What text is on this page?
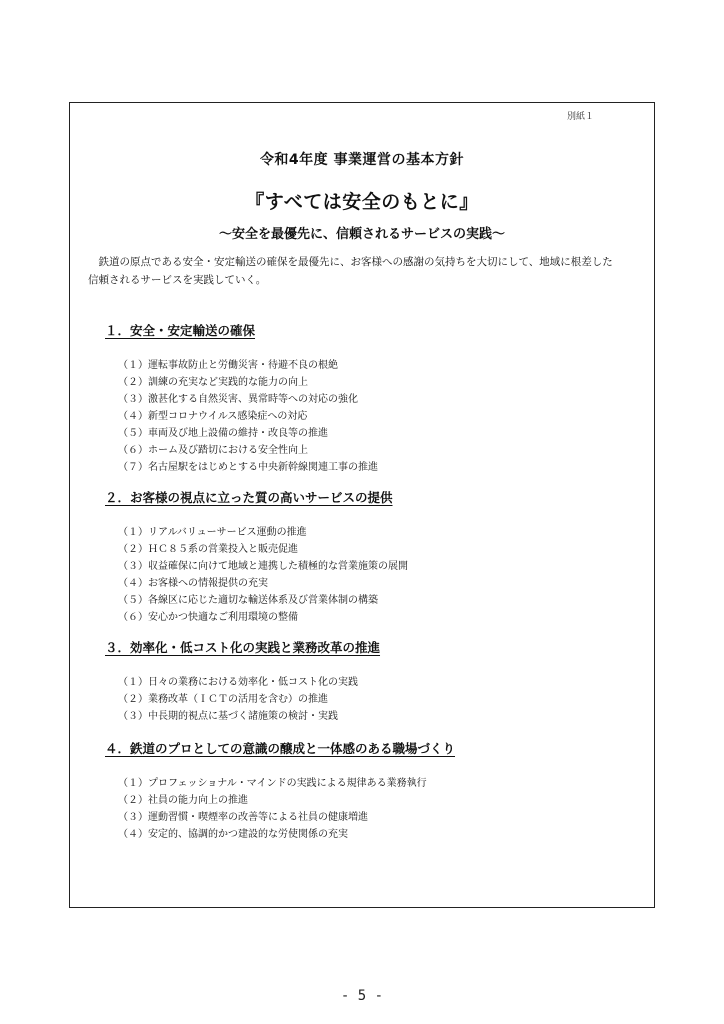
別紙１
令和4年度 事業運営の基本方針
『すべては安全のもとに』
～安全を最優先に、信頼されるサービスの実践～

鉄道の原点である安全・安定輸送の確保を最優先に、お客様への感謝の気持ちを大切にして、地域に根差した信頼されるサービスを実践していく。

１．安全・安定輸送の確保
（１）運転事故防止と労働災害・待避不良の根絶
（２）訓練の充実など実践的な能力の向上
（３）激甚化する自然災害、異常時等への対応の強化
（４）新型コロナウイルス感染症への対応
（５）車両及び地上設備の維持・改良等の推進
（６）ホーム及び踏切における安全性向上
（７）名古屋駅をはじめとする中央新幹線関連工事の推進
２．お客様の視点に立った質の高いサービスの提供
（１）リアルバリューサービス運動の推進
（２）ＨＣ８５系の営業投入と販売促進
（３）収益確保に向けて地域と連携した積極的な営業施策の展開
（４）お客様への情報提供の充実
（５）各線区に応じた適切な輸送体系及び営業体制の構築
（６）安心かつ快適なご利用環境の整備
３．効率化・低コスト化の実践と業務改革の推進
（１）日々の業務における効率化・低コスト化の実践
（２）業務改革（ＩＣＴの活用を含む）の推進
（３）中長期的視点に基づく諸施策の検討・実践
４．鉄道のプロとしての意識の醸成と一体感のある職場づくり
（１）プロフェッショナル・マインドの実践による規律ある業務執行
（２）社員の能力向上の推進
（３）運動習慣・喫煙率の改善等による社員の健康増進
（４）安定的、協調的かつ建設的な労使関係の充実
- 5 -
